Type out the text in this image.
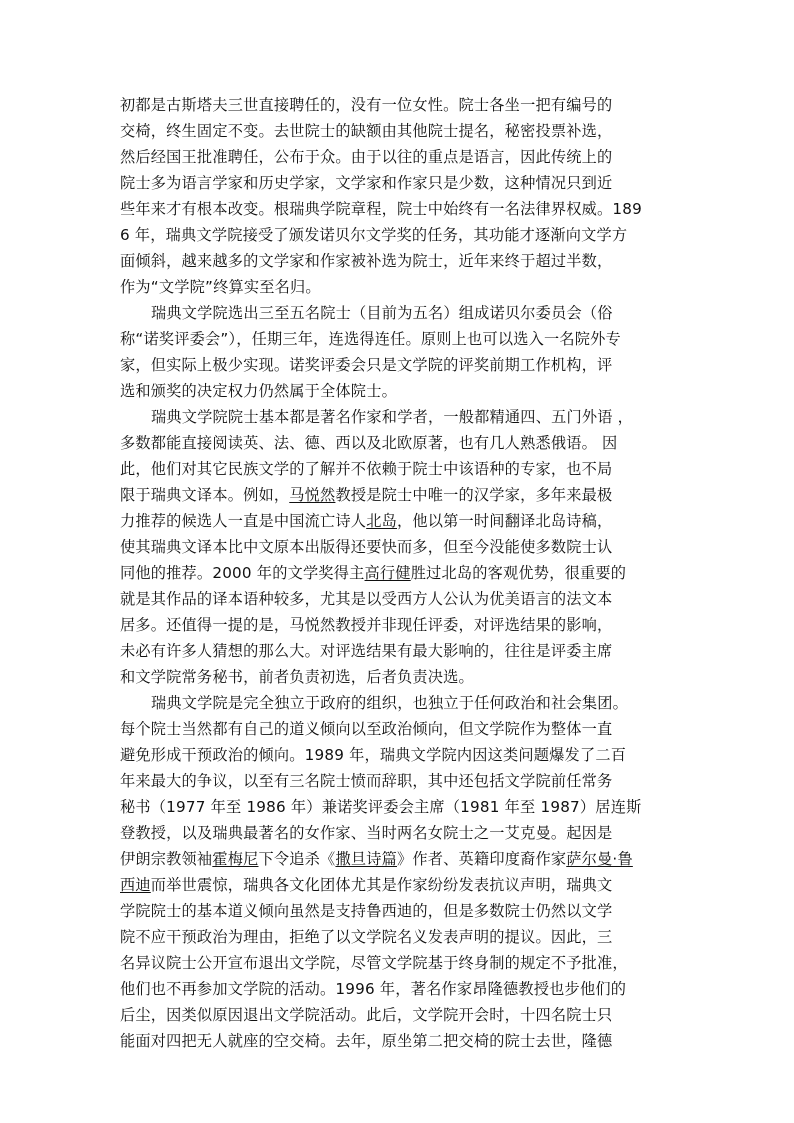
初都是古斯塔夫三世直接聘任的，没有一位女性。院士各坐一把有编号的
交椅，终生固定不变。去世院士的缺额由其他院士提名，秘密投票补选，
然后经国王批准聘任，公布于众。由于以往的重点是语言，因此传统上的
院士多为语言学家和历史学家，文学家和作家只是少数，这种情况只到近
些年来才有根本改变。根瑞典学院章程，院士中始终有一名法律界权威。189
6 年，瑞典文学院接受了颁发诺贝尔文学奖的任务，其功能才逐渐向文学方
面倾斜，越来越多的文学家和作家被补选为院士，近年来终于超过半数，
作为“文学院”终算实至名归。
瑞典文学院选出三至五名院士（目前为五名）组成诺贝尔委员会（俗
称“诺奖评委会”），任期三年，连选得连任。原则上也可以选入一名院外专
家，但实际上极少实现。诺奖评委会只是文学院的评奖前期工作机构，评
选和颁奖的决定权力仍然属于全体院士。
瑞典文学院院士基本都是著名作家和学者，一般都精通四、五门外语 ，
多数都能直接阅读英、法、德、西以及北欧原著，也有几人熟悉俄语。 因
此，他们对其它民族文学的了解并不依赖于院士中该语种的专家，也不局
限于瑞典文译本。例如，马悦然教授是院士中唯一的汉学家，多年来最极
力推荐的候选人一直是中国流亡诗人北岛，他以第一时间翻译北岛诗稿，
使其瑞典文译本比中文原本出版得还要快而多，但至今没能使多数院士认
同他的推荐。2000 年的文学奖得主高行健胜过北岛的客观优势，很重要的
就是其作品的译本语种较多，尤其是以受西方人公认为优美语言的法文本
居多。还值得一提的是，马悦然教授并非现任评委，对评选结果的影响，
未必有许多人猜想的那么大。对评选结果有最大影响的，往往是评委主席
和文学院常务秘书，前者负责初选，后者负责决选。
瑞典文学院是完全独立于政府的组织，也独立于任何政治和社会集团。
每个院士当然都有自己的道义倾向以至政治倾向，但文学院作为整体一直
避免形成干预政治的倾向。1989 年，瑞典文学院内因这类问题爆发了二百
年来最大的争议，以至有三名院士愤而辞职，其中还包括文学院前任常务
秘书（1977 年至 1986 年）兼诺奖评委会主席（1981 年至 1987）居连斯
登教授，以及瑞典最著名的女作家、当时两名女院士之一艾克曼。起因是
伊朗宗教领袖霍梅尼下令追杀《撒旦诗篇》作者、英籍印度裔作家萨尔曼·鲁
西迪而举世震惊，瑞典各文化团体尤其是作家纷纷发表抗议声明，瑞典文
学院院士的基本道义倾向虽然是支持鲁西迪的，但是多数院士仍然以文学
院不应干预政治为理由，拒绝了以文学院名义发表声明的提议。因此，三
名异议院士公开宣布退出文学院，尽管文学院基于终身制的规定不予批准，
他们也不再参加文学院的活动。1996 年，著名作家昂隆德教授也步他们的
后尘，因类似原因退出文学院活动。此后，文学院开会时，十四名院士只
能面对四把无人就座的空交椅。去年，原坐第二把交椅的院士去世，隆德
